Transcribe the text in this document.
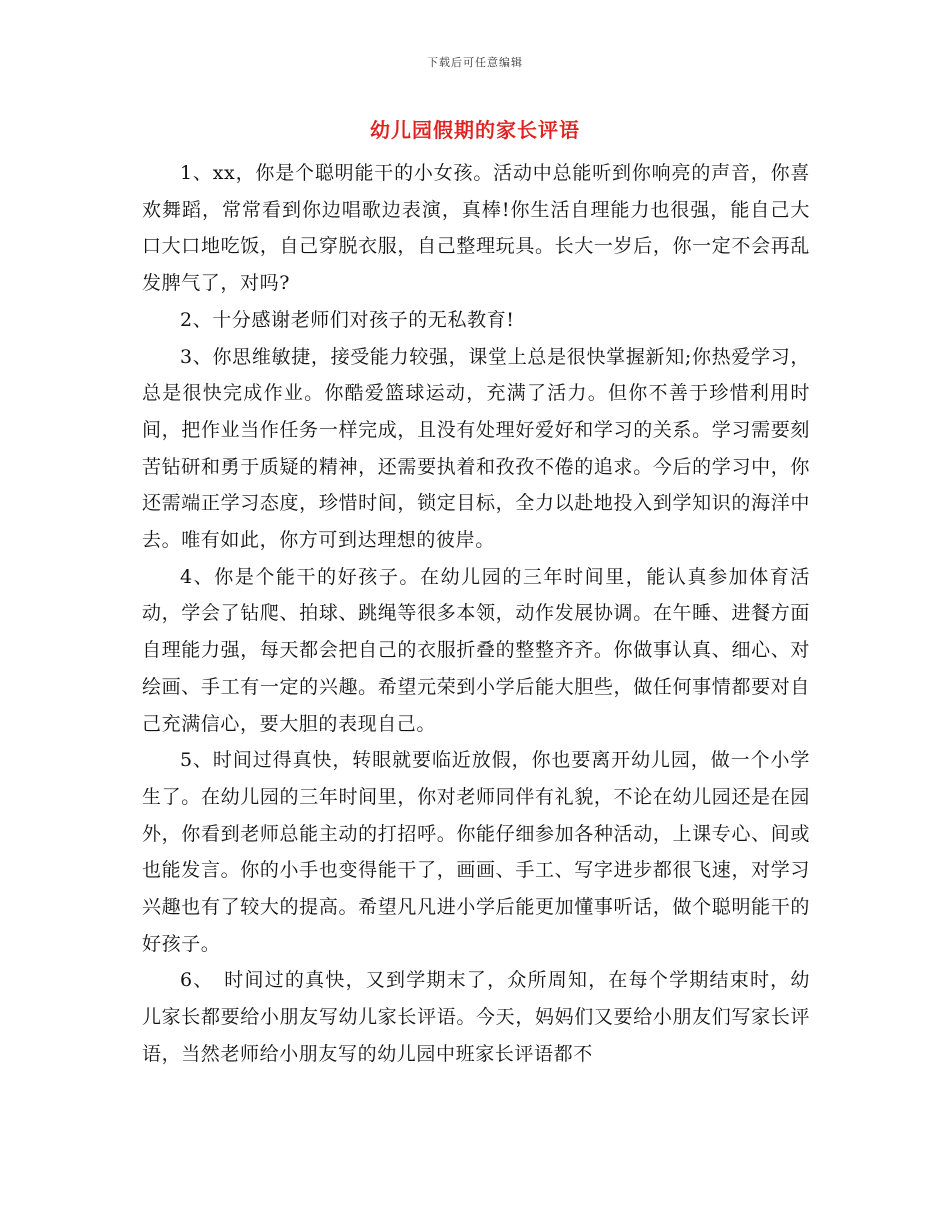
下载后可任意编辑
幼儿园假期的家长评语

1、xx，你是个聪明能干的小女孩。活动中总能听到你响亮的声音，你喜欢舞蹈，常常看到你边唱歌边表演，真棒!你生活自理能力也很强，能自己大口大口地吃饭，自己穿脱衣服，自己整理玩具。长大一岁后，你一定不会再乱发脾气了，对吗?

2、十分感谢老师们对孩子的无私教育!

3、你思维敏捷，接受能力较强，课堂上总是很快掌握新知;你热爱学习，总是很快完成作业。你酷爱篮球运动，充满了活力。但你不善于珍惜利用时间，把作业当作任务一样完成，且没有处理好爱好和学习的关系。学习需要刻苦钻研和勇于质疑的精神，还需要执着和孜孜不倦的追求。今后的学习中，你还需端正学习态度，珍惜时间，锁定目标，全力以赴地投入到学知识的海洋中去。唯有如此，你方可到达理想的彼岸。

4、你是个能干的好孩子。在幼儿园的三年时间里，能认真参加体育活动，学会了钻爬、拍球、跳绳等很多本领，动作发展协调。在午睡、进餐方面自理能力强，每天都会把自己的衣服折叠的整整齐齐。你做事认真、细心、对绘画、手工有一定的兴趣。希望元荣到小学后能大胆些，做任何事情都要对自己充满信心，要大胆的表现自己。

5、时间过得真快，转眼就要临近放假，你也要离开幼儿园，做一个小学生了。在幼儿园的三年时间里，你对老师同伴有礼貌，不论在幼儿园还是在园外，你看到老师总能主动的打招呼。你能仔细参加各种活动，上课专心、间或也能发言。你的小手也变得能干了，画画、手工、写字进步都很飞速，对学习兴趣也有了较大的提高。希望凡凡进小学后能更加懂事听话，做个聪明能干的好孩子。

6、　时间过的真快，又到学期末了，众所周知，在每个学期结束时，幼儿家长都要给小朋友写幼儿家长评语。今天，妈妈们又要给小朋友们写家长评语，当然老师给小朋友写的幼儿园中班家长评语都不
